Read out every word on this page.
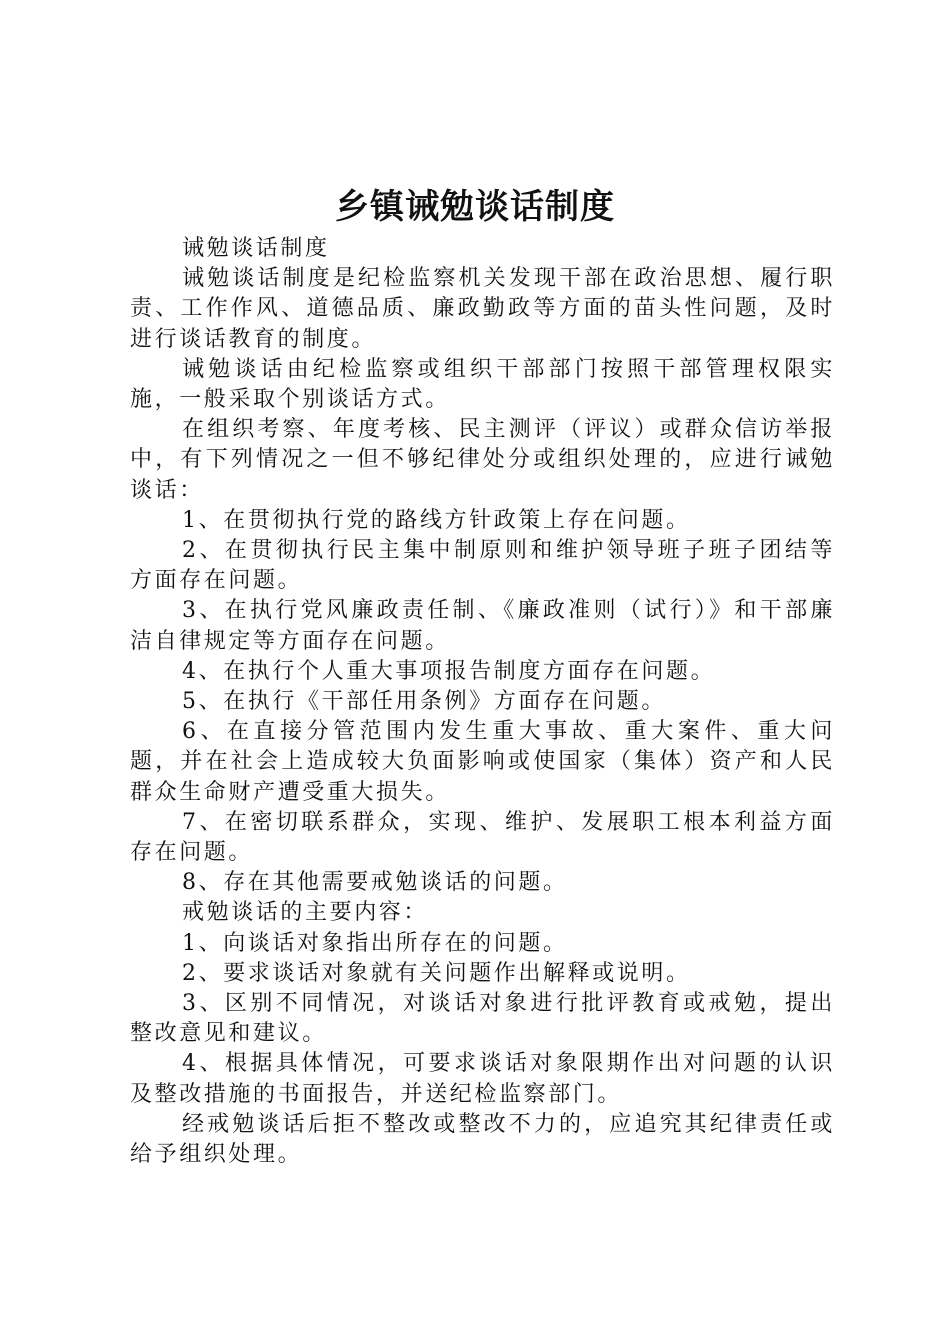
乡镇诫勉谈话制度

诫勉谈话制度

诫勉谈话制度是纪检监察机关发现干部在政治思想、履行职责、工作作风、道德品质、廉政勤政等方面的苗头性问题，及时进行谈话教育的制度。

诫勉谈话由纪检监察或组织干部部门按照干部管理权限实施，一般采取个别谈话方式。

在组织考察、年度考核、民主测评（评议）或群众信访举报中，有下列情况之一但不够纪律处分或组织处理的，应进行诫勉谈话：

1、在贯彻执行党的路线方针政策上存在问题。

2、在贯彻执行民主集中制原则和维护领导班子班子团结等方面存在问题。

3、在执行党风廉政责任制、《廉政准则（试行）》和干部廉洁自律规定等方面存在问题。

4、在执行个人重大事项报告制度方面存在问题。

5、在执行《干部任用条例》方面存在问题。

6、在直接分管范围内发生重大事故、重大案件、重大问题，并在社会上造成较大负面影响或使国家（集体）资产和人民群众生命财产遭受重大损失。

7、在密切联系群众，实现、维护、发展职工根本利益方面存在问题。

8、存在其他需要戒勉谈话的问题。

戒勉谈话的主要内容：

1、向谈话对象指出所存在的问题。

2、要求谈话对象就有关问题作出解释或说明。

3、区别不同情况，对谈话对象进行批评教育或戒勉，提出整改意见和建议。

4、根据具体情况，可要求谈话对象限期作出对问题的认识及整改措施的书面报告，并送纪检监察部门。

经戒勉谈话后拒不整改或整改不力的，应追究其纪律责任或给予组织处理。
